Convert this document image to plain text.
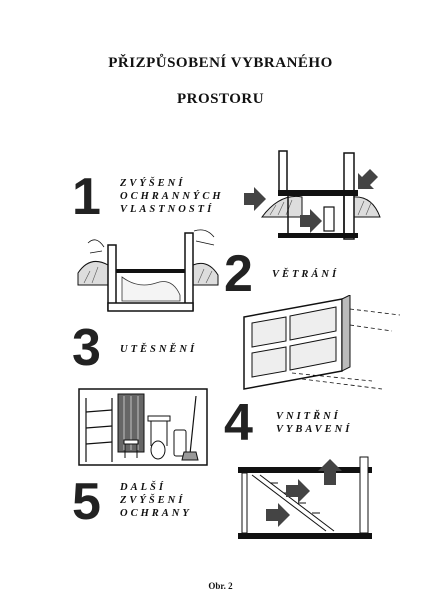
PŘIZPŮSOBENÍ VYBRANÉHO
PROSTORU
1 ZVÝŠENÍ
OCHRANNÝCH
VLASTNOSTÍ
2 VĚTRÁNÍ
3 UTĚSNĚNÍ
4 VNITŘNÍ
VYBAVENÍ
5 DALŠÍ
ZVÝŠENÍ
OCHRANY
Obr. 2
